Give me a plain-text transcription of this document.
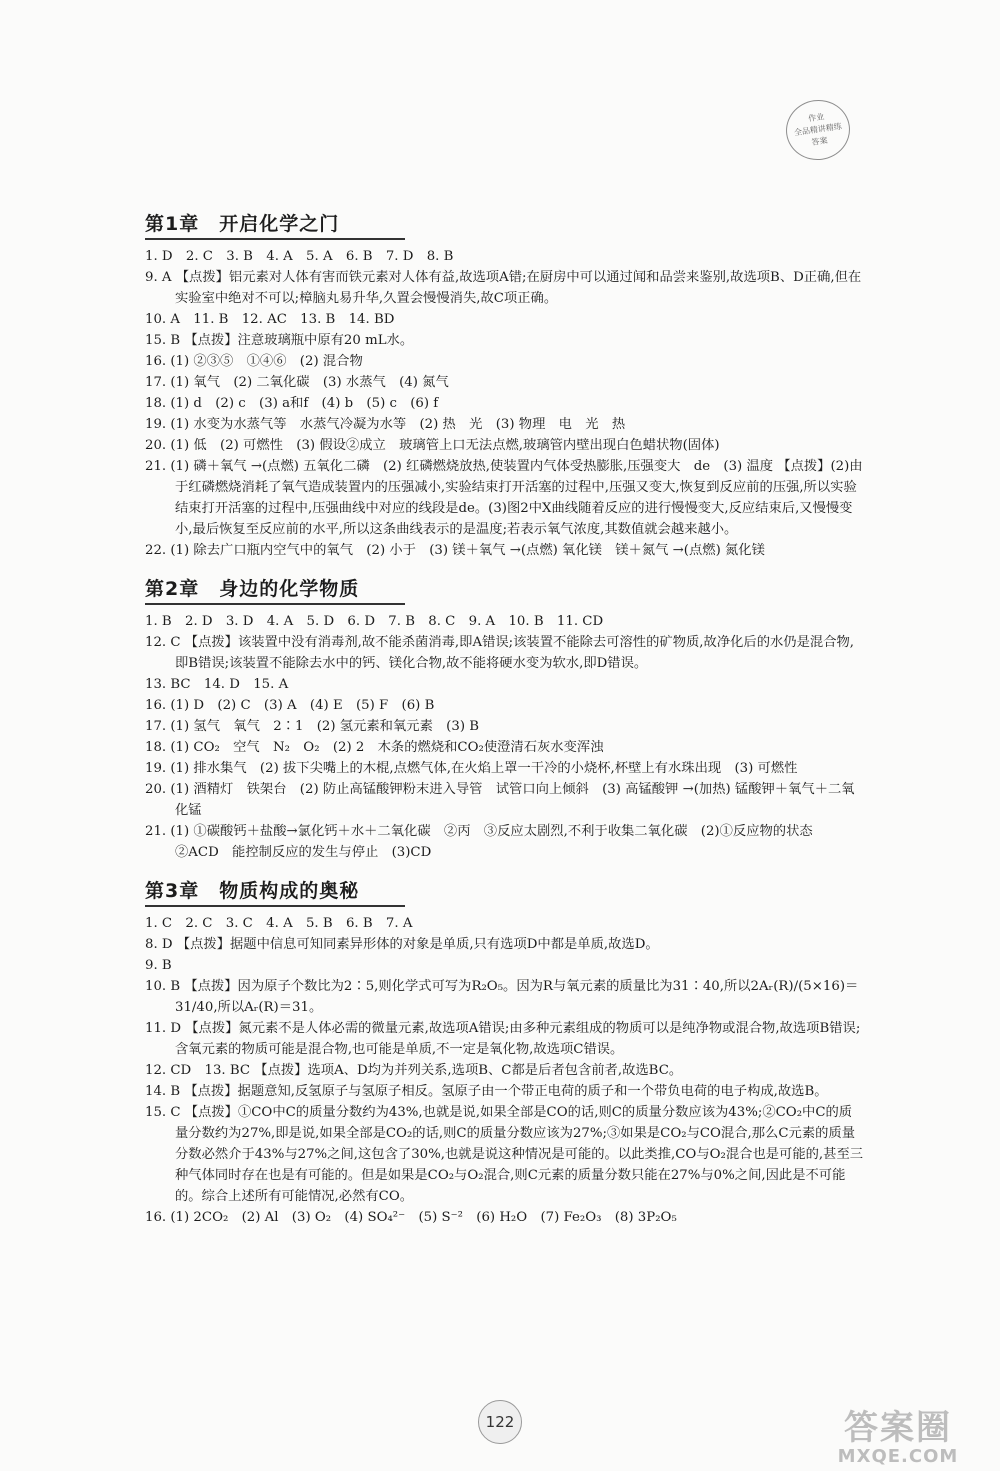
作业
全品精讲精练
答案
第1章　开启化学之门

1. D　2. C　3. B　4. A　5. A　6. B　7. D　8. B

9. A 【点拨】铝元素对人体有害而铁元素对人体有益,故选项A错;在厨房中可以通过闻和品尝来鉴别,故选项B、D正确,但在实验室中绝对不可以;樟脑丸易升华,久置会慢慢消失,故C项正确。

10. A　11. B　12. AC　13. B　14. BD

15. B 【点拨】注意玻璃瓶中原有20 mL水。

16. (1) ②③⑤　①④⑥　(2) 混合物

17. (1) 氧气　(2) 二氧化碳　(3) 水蒸气　(4) 氮气

18. (1) d　(2) c　(3) a和f　(4) b　(5) c　(6) f

19. (1) 水变为水蒸气等　水蒸气冷凝为水等　(2) 热　光　(3) 物理　电　光　热

20. (1) 低　(2) 可燃性　(3) 假设②成立　玻璃管上口无法点燃,玻璃管内壁出现白色蜡状物(固体)

21. (1) 磷＋氧气 →(点燃) 五氧化二磷　(2) 红磷燃烧放热,使装置内气体受热膨胀,压强变大　de　(3) 温度 【点拨】(2)由于红磷燃烧消耗了氧气造成装置内的压强减小,实验结束打开活塞的过程中,压强又变大,恢复到反应前的压强,所以实验结束打开活塞的过程中,压强曲线中对应的线段是de。(3)图2中X曲线随着反应的进行慢慢变大,反应结束后,又慢慢变小,最后恢复至反应前的水平,所以这条曲线表示的是温度;若表示氧气浓度,其数值就会越来越小。

22. (1) 除去广口瓶内空气中的氧气　(2) 小于　(3) 镁＋氧气 →(点燃) 氧化镁　镁＋氮气 →(点燃) 氮化镁

第2章　身边的化学物质

1. B　2. D　3. D　4. A　5. D　6. D　7. B　8. C　9. A　10. B　11. CD

12. C 【点拨】该装置中没有消毒剂,故不能杀菌消毒,即A错误;该装置不能除去可溶性的矿物质,故净化后的水仍是混合物,即B错误;该装置不能除去水中的钙、镁化合物,故不能将硬水变为软水,即D错误。

13. BC　14. D　15. A

16. (1) D　(2) C　(3) A　(4) E　(5) F　(6) B

17. (1) 氢气　氧气　2∶1　(2) 氢元素和氧元素　(3) B

18. (1) CO₂　空气　N₂　O₂　(2) 2　木条的燃烧和CO₂使澄清石灰水变浑浊

19. (1) 排水集气　(2) 拔下尖嘴上的木棍,点燃气体,在火焰上罩一干冷的小烧杯,杯壁上有水珠出现　(3) 可燃性

20. (1) 酒精灯　铁架台　(2) 防止高锰酸钾粉末进入导管　试管口向上倾斜　(3) 高锰酸钾 →(加热) 锰酸钾＋氧气＋二氧化锰

21. (1) ①碳酸钙＋盐酸→氯化钙＋水＋二氧化碳　②丙　③反应太剧烈,不利于收集二氧化碳　(2)①反应物的状态　②ACD　能控制反应的发生与停止　(3)CD

第3章　物质构成的奥秘

1. C　2. C　3. C　4. A　5. B　6. B　7. A

8. D 【点拨】据题中信息可知同素异形体的对象是单质,只有选项D中都是单质,故选D。

9. B

10. B 【点拨】因为原子个数比为2∶5,则化学式可写为R₂O₅。因为R与氧元素的质量比为31∶40,所以2Aᵣ(R)/(5×16)＝31/40,所以Aᵣ(R)＝31。

11. D 【点拨】氮元素不是人体必需的微量元素,故选项A错误;由多种元素组成的物质可以是纯净物或混合物,故选项B错误;含氧元素的物质可能是混合物,也可能是单质,不一定是氧化物,故选项C错误。

12. CD　13. BC 【点拨】选项A、D均为并列关系,选项B、C都是后者包含前者,故选BC。

14. B 【点拨】据题意知,反氢原子与氢原子相反。氢原子由一个带正电荷的质子和一个带负电荷的电子构成,故选B。

15. C 【点拨】①CO中C的质量分数约为43%,也就是说,如果全部是CO的话,则C的质量分数应该为43%;②CO₂中C的质量分数约为27%,即是说,如果全部是CO₂的话,则C的质量分数应该为27%;③如果是CO₂与CO混合,那么C元素的质量分数必然介于43%与27%之间,这包含了30%,也就是说这种情况是可能的。以此类推,CO与O₂混合也是可能的,甚至三种气体同时存在也是有可能的。但是如果是CO₂与O₂混合,则C元素的质量分数只能在27%与0%之间,因此是不可能的。综合上述所有可能情况,必然有CO。

16. (1) 2CO₂　(2) Al　(3) O₂　(4) SO₄²⁻　(5) S⁻²　(6) H₂O　(7) Fe₂O₃　(8) 3P₂O₅

122	答案圈
MXQE.COM
